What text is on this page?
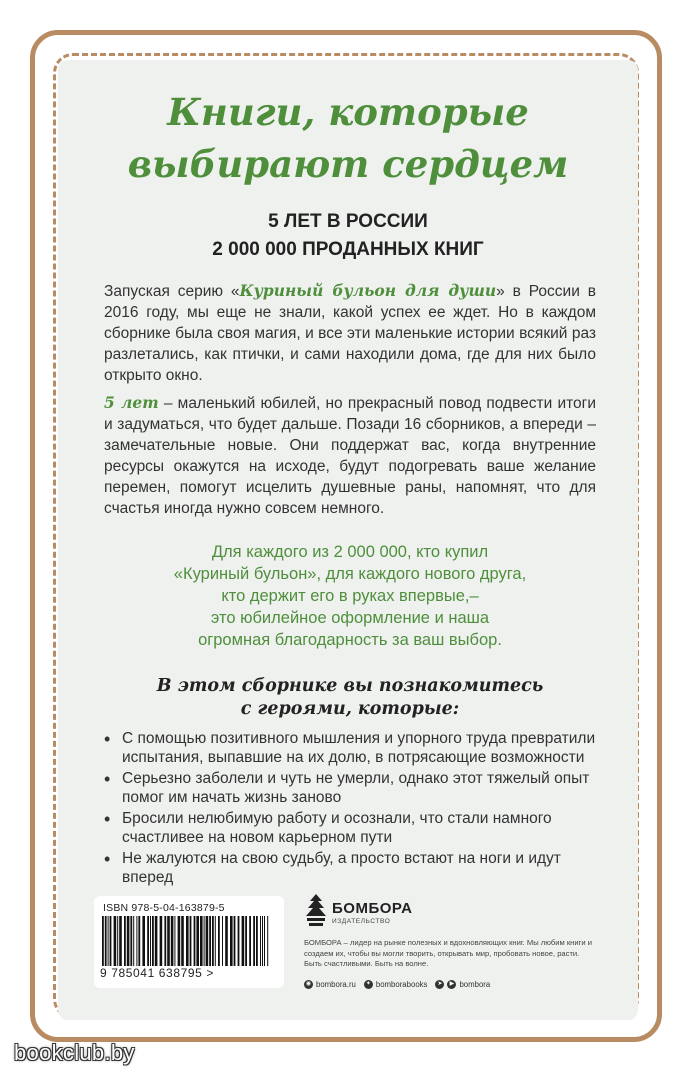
Книги, которые
выбирают сердцем
5 ЛЕТ В РОССИИ
2 000 000 ПРОДАННЫХ КНИГ
Запуская серию «Куриный бульон для души» в России в 2016 году, мы еще не знали, какой успех ее ждет. Но в каждом сборнике была своя магия, и все эти маленькие истории всякий раз разлетались, как птички, и сами находили дома, где для них было открыто окно.
5 лет – маленький юбилей, но прекрасный повод подвести итоги и задуматься, что будет дальше. Позади 16 сборников, а впереди – замечательные новые. Они поддержат вас, когда внутренние ресурсы окажутся на исходе, будут подогревать ваше желание перемен, помогут исцелить душевные раны, напомнят, что для счастья иногда нужно совсем немного.
Для каждого из 2 000 000, кто купил
«Куриный бульон», для каждого нового друга,
кто держит его в руках впервые,–
это юбилейное оформление и наша
огромная благодарность за ваш выбор.
В этом сборнике вы познакомитесь
с героями, которые:
• С помощью позитивного мышления и упорного труда превратили испытания, выпавшие на их долю, в потрясающие возможности
• Серьезно заболели и чуть не умерли, однако этот тяжелый опыт помог им начать жизнь заново
• Бросили нелюбимую работу и осознали, что стали намного счастливее на новом карьерном пути
• Не жалуются на свою судьбу, а просто встают на ноги и идут вперед
ISBN 978-5-04-163879-5
9 785041 638795 >
БОМБОРА
ИЗДАТЕЛЬСТВО
БОМБОРА – лидер на рынке полезных и вдохновляющих книг. Мы любим книги и создаем их, чтобы вы могли творить, открывать мир, пробовать новое, расти. Быть счастливыми. Быть на волне.
◉ bombora.ru	✦ bomborabooks	➤	▶ bombora
bookclub.by
